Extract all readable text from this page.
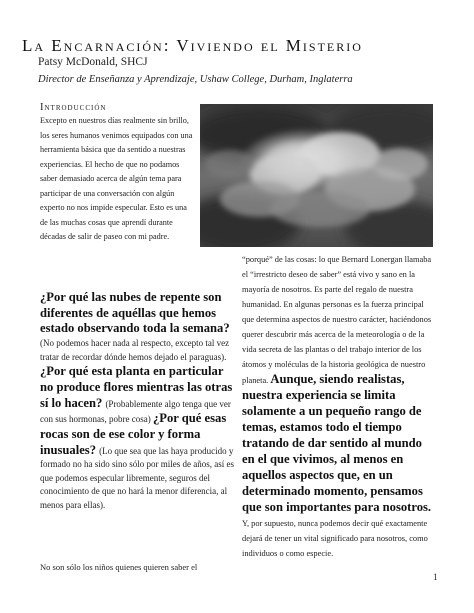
La Encarnación: Viviendo el Misterio
Patsy McDonald, SHCJ
Director de Enseñanza y Aprendizaje, Ushaw College, Durham, Inglaterra
Introducción

Excepto en nuestros días realmente sin brillo, los seres humanos venimos equipados con una herramienta básica que da sentido a nuestras experiencias. El hecho de que no podamos saber demasiado acerca de algún tema para participar de una conversación con algún experto no nos impide especular. Esto es una de las muchas cosas que aprendí durante décadas de salir de paseo con mi padre.

“porqué” de las cosas: lo que Bernard Lonergan llamaba el “irrestricto deseo de saber” está vivo y sano en la mayoría de nosotros. Es parte del regalo de nuestra humanidad. En algunas personas es la fuerza principal que determina aspectos de nuestro carácter, haciéndonos querer descubrir más acerca de la meteorología o de la vida secreta de las plantas o del trabajo interior de los átomos y moléculas de la historia geológica de nuestro planeta. Aunque, siendo realistas, nuestra experiencia se limita solamente a un pequeño rango de temas, estamos todo el tiempo tratando de dar sentido al mundo en el que vivimos, al menos en aquellos aspectos que, en un determinado momento, pensamos que son importantes para nosotros. Y, por supuesto, nunca podemos decir qué exactamente dejará de tener un vital significado para nosotros, como individuos o como especie.

¿Por qué las nubes de repente son diferentes de aquéllas que hemos estado observando toda la semana? (No podemos hacer nada al respecto, excepto tal vez tratar de recordar dónde hemos dejado el paraguas). ¿Por qué esta planta en particular no produce flores mientras las otras sí lo hacen? (Probablemente algo tenga que ver con sus hormonas, pobre cosa) ¿Por qué esas rocas son de ese color y forma inusuales? (Lo que sea que las haya producido y formado no ha sido sino sólo por miles de años, así es que podemos especular libremente, seguros del conocimiento de que no hará la menor diferencia, al menos para ellas).

No son sólo los niños quienes quieren saber el
1
